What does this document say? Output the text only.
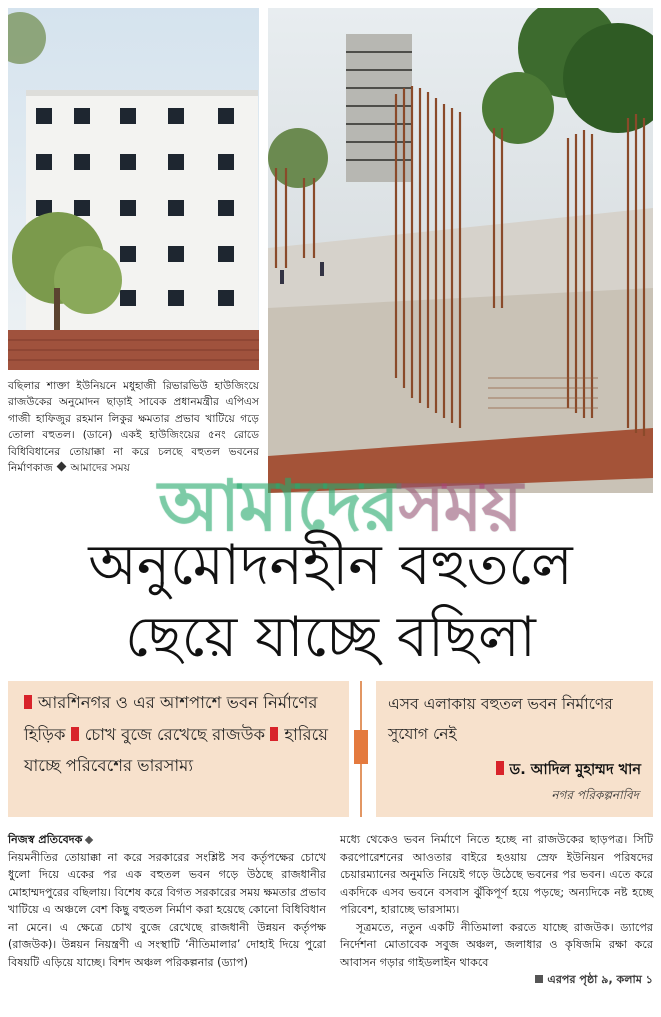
বছিলার শাক্তা ইউনিয়নে মধুহাজী রিভারভিউ হাউজিংয়ে রাজউকের অনুমোদন ছাড়াই সাবেক প্রধানমন্ত্রীর এপিএস গাজী হাফিজুর রহমান লিকুর ক্ষমতার প্রভাব খাটিয়ে গড়ে তোলা বহুতল। (ডানে) একই হাউজিংয়ের ৫নং রোডে বিধিবিধানের তোয়াক্কা না করে চলছে বহুতল ভবনের নির্মাণকাজ আমাদের সময় আমাদেরসময়
অনুমোদনহীন বহুতলে
ছেয়ে যাচ্ছে বছিলা

আরশিনগর ও এর আশপাশে ভবন নির্মাণের হিড়িক চোখ বুজে রেখেছে রাজউক হারিয়ে যাচ্ছে পরিবেশের ভারসাম্য

এসব এলাকায় বহুতল ভবন নির্মাণের সুযোগ নেই

ড. আদিল মুহাম্মদ খান
নগর পরিকল্পনাবিদ
নিজস্ব প্রতিবেদক
নিয়মনীতির তোয়াক্কা না করে সরকারের সংশ্লিষ্ট সব কর্তৃপক্ষের চোখে ধুলো দিয়ে একের পর এক বহুতল ভবন গড়ে উঠছে রাজধানীর মোহাম্মদপুরের বছিলায়। বিশেষ করে বিগত সরকারের সময় ক্ষমতার প্রভাব খাটিয়ে এ অঞ্চলে বেশ কিছু বহুতল নির্মাণ করা হয়েছে কোনো বিধিবিধান না মেনে। এ ক্ষেত্রে চোখ বুজে রেখেছে রাজধানী উন্নয়ন কর্তৃপক্ষ (রাজউক)। উন্নয়ন নিয়ন্ত্রণী এ সংস্থাটি ‘নীতিমালার’ দোহাই দিয়ে পুরো বিষয়টি এড়িয়ে যাচ্ছে। বিশদ অঞ্চল পরিকল্পনার (ড্যাপ)
মধ্যে থেকেও ভবন নির্মাণে নিতে হচ্ছে না রাজউকের ছাড়পত্র। সিটি করপোরেশনের আওতার বাইরে হওয়ায় স্রেফ ইউনিয়ন পরিষদের চেয়ারম্যানের অনুমতি নিয়েই গড়ে উঠেছে ভবনের পর ভবন। এতে করে একদিকে এসব ভবনে বসবাস ঝুঁকিপূর্ণ হয়ে পড়ছে; অন্যদিকে নষ্ট হচ্ছে পরিবেশ, হারাচ্ছে ভারসাম্য।
সূত্রমতে, নতুন একটি নীতিমালা করতে যাচ্ছে রাজউক। ড্যাপের নির্দেশনা মোতাবেক সবুজ অঞ্চল, জলাধার ও কৃষিজমি রক্ষা করে আবাসন গড়ার গাইডলাইন থাকবে
এরপর পৃষ্ঠা ৯, কলাম ১
